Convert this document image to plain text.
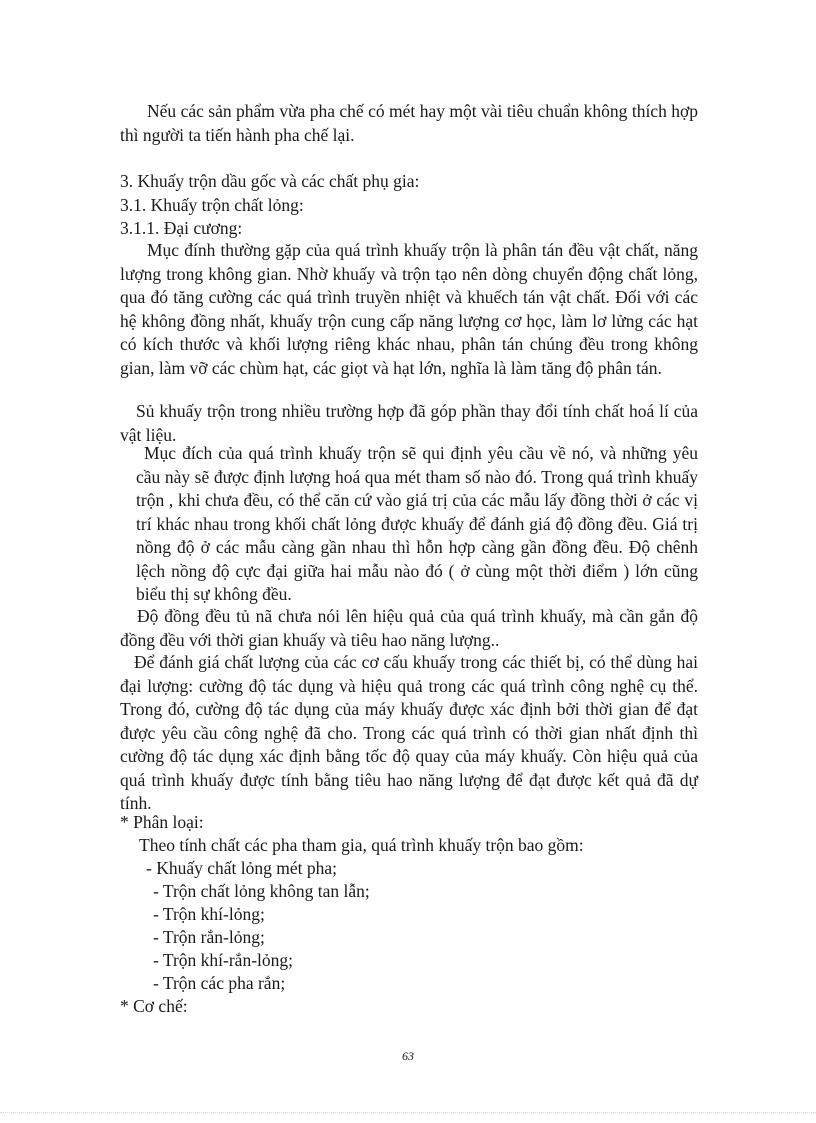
Nếu các sản phẩm vừa pha chế có mét hay một vài tiêu chuẩn không thích hợp thì người ta tiến hành pha chế lại.

3. Khuấy trộn dầu gốc và các chất phụ gia:

3.1. Khuấy trộn chất lỏng:

3.1.1. Đại cương:

Mục đính thường gặp của quá trình khuấy trộn là phân tán đều vật chất, năng lượng trong không gian. Nhờ khuấy và trộn tạo nên dòng chuyển động chất lỏng, qua đó tăng cường các quá trình truyền nhiệt và khuếch tán vật chất. Đối với các hệ không đồng nhất, khuấy trộn cung cấp năng lượng cơ học, làm lơ lửng các hạt có kích thước và khối lượng riêng khác nhau, phân tán chúng đều trong không gian, làm vỡ các chùm hạt, các giọt và hạt lớn, nghĩa là làm tăng độ phân tán.

Sủ khuấy trộn trong nhiều trường hợp đã góp phần thay đổi tính chất hoá lí của vật liệu.

Mục đích của quá trình khuấy trộn sẽ qui định yêu cầu về nó, và những yêu cầu này sẽ được định lượng hoá qua mét tham số nào đó. Trong quá trình khuấy trộn , khi chưa đều, có thể căn cứ vào giá trị của các mẫu lấy đồng thời ở các vị trí khác nhau trong khối chất lỏng được khuấy để đánh giá độ đồng đều. Giá trị nồng độ ở các mẫu càng gần nhau thì hỗn hợp càng gần đồng đều. Độ chênh lệch nồng độ cực đại giữa hai mẫu nào đó ( ở cùng một thời điểm ) lớn cũng biểu thị sự không đều.

Độ đồng đều tủ nã chưa nói lên hiệu quả của quá trình khuấy, mà cần gắn độ đồng đều với thời gian khuấy và tiêu hao năng lượng..

Để đánh giá chất lượng của các cơ cấu khuấy trong các thiết bị, có thể dùng hai đại lượng: cường độ tác dụng và hiệu quả trong các quá trình công nghệ cụ thể. Trong đó, cường độ tác dụng của máy khuấy được xác định bởi thời gian để đạt được yêu cầu công nghệ đã cho. Trong các quá trình có thời gian nhất định thì cường độ tác dụng xác định bằng tốc độ quay của máy khuấy. Còn hiệu quả của quá trình khuấy được tính bằng tiêu hao năng lượng để đạt được kết quả đã dự tính.

* Phân loại:

Theo tính chất các pha tham gia, quá trình khuấy trộn bao gồm:

- Khuấy chất lỏng mét pha;

- Trộn chất lỏng không tan lẫn;

- Trộn khí-lỏng;

- Trộn rắn-lỏng;

- Trộn khí-rắn-lỏng;

- Trộn các pha rắn;

* Cơ chế:

63
